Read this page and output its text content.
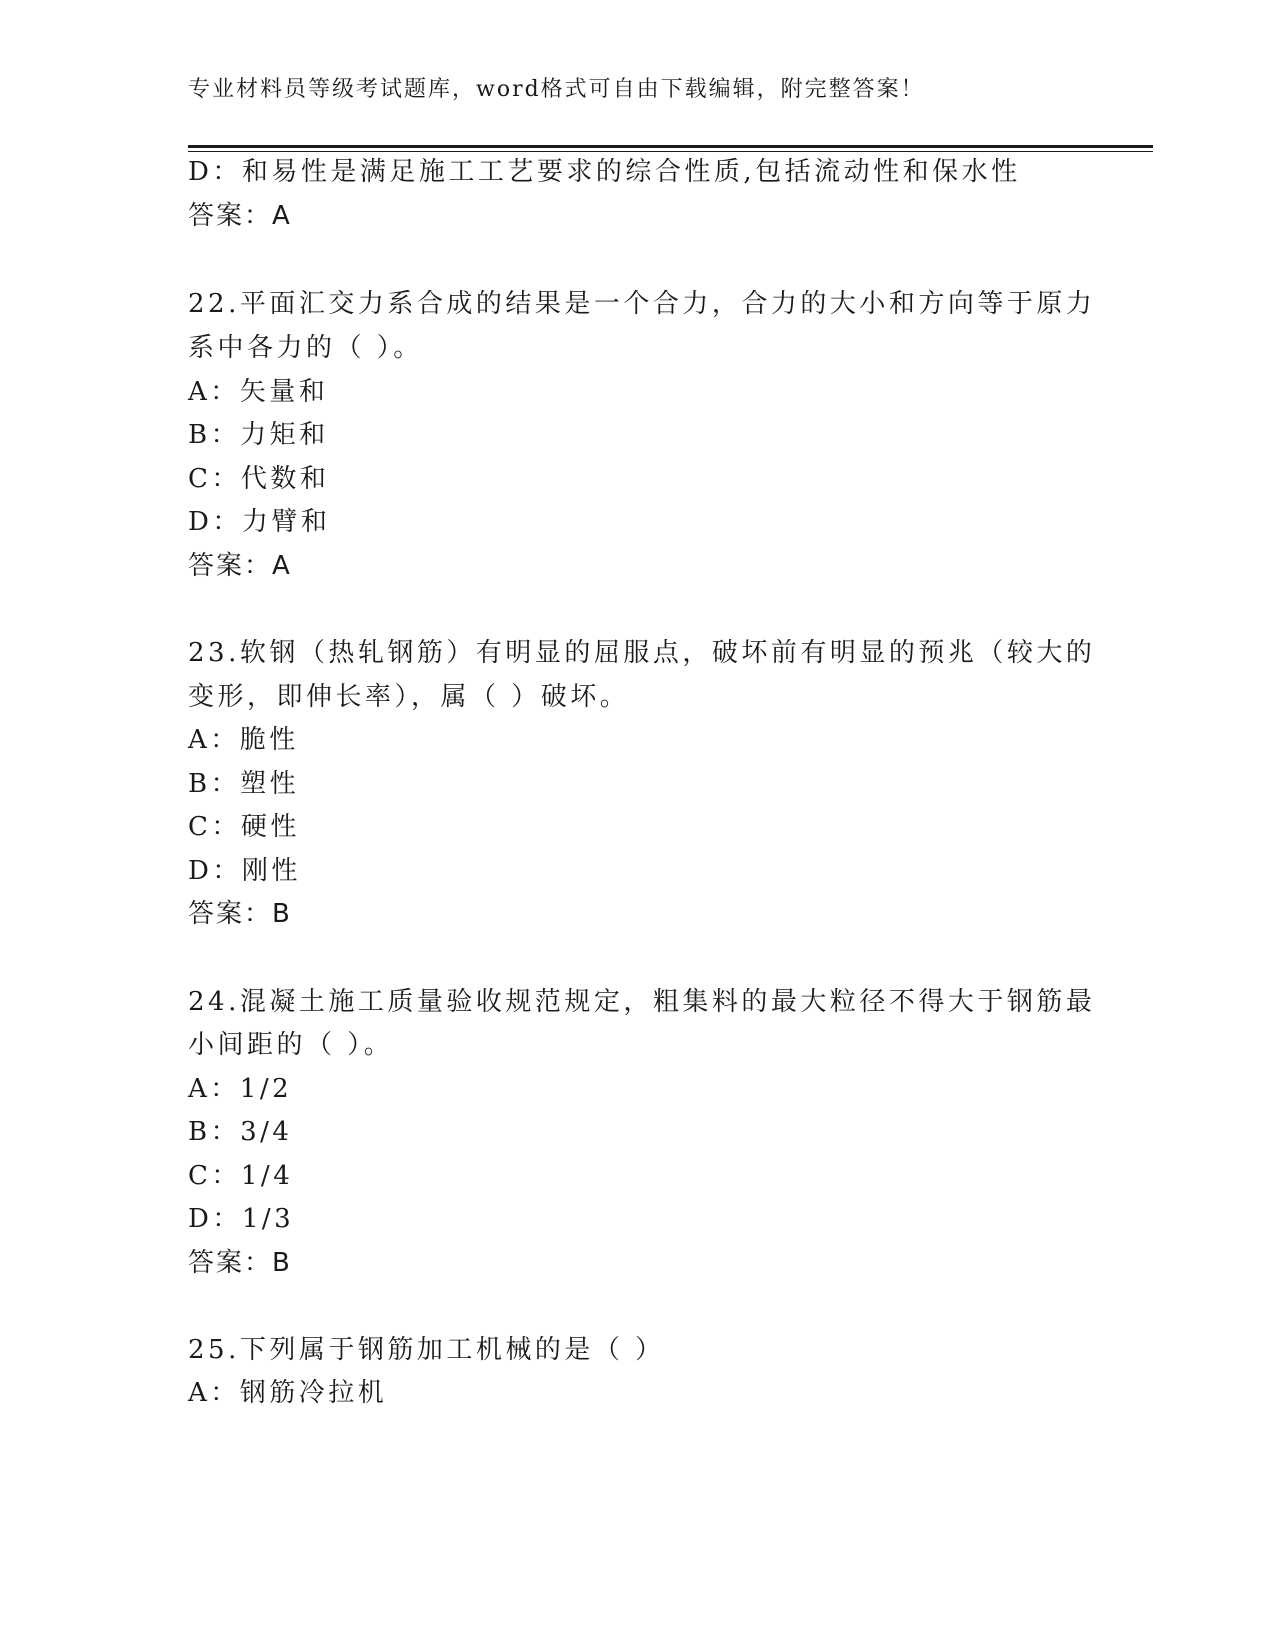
专业材料员等级考试题库，word格式可自由下载编辑，附完整答案！
D：和易性是满足施工工艺要求的综合性质,包括流动性和保水性
答案：A
22.平面汇交力系合成的结果是一个合力，合力的大小和方向等于原力
系中各力的（ ）。
A：矢量和
B：力矩和
C：代数和
D：力臂和
答案：A
23.软钢（热轧钢筋）有明显的屈服点，破坏前有明显的预兆（较大的
变形，即伸长率），属（ ）破坏。
A：脆性
B：塑性
C：硬性
D：刚性
答案：B
24.混凝土施工质量验收规范规定，粗集料的最大粒径不得大于钢筋最
小间距的（ ）。
A：1/2
B：3/4
C：1/4
D：1/3
答案：B
25.下列属于钢筋加工机械的是（ ）
A：钢筋冷拉机
